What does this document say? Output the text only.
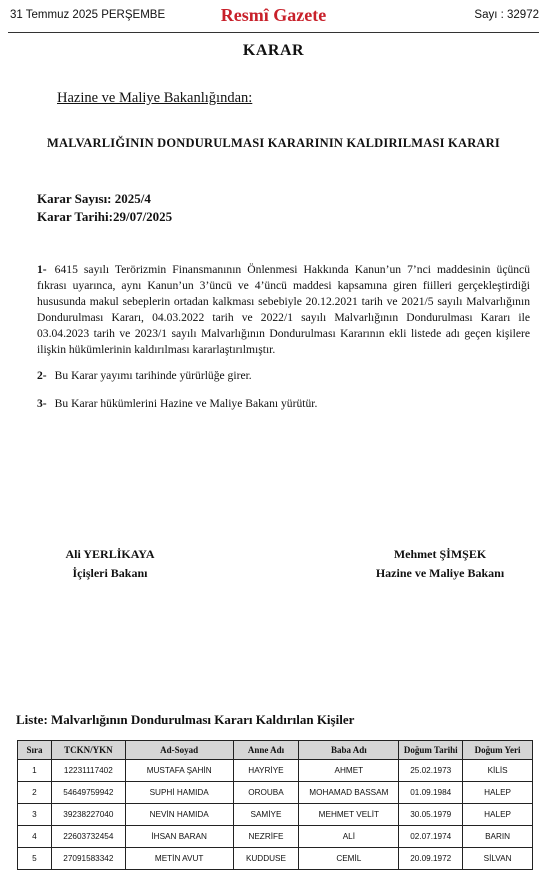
31 Temmuz 2025 PERŞEMBE	Resmî Gazete	Sayı : 32972
KARAR
Hazine ve Maliye Bakanlığından:
MALVARLIĞININ DONDURULMASI KARARININ KALDIRILMASI KARARI
Karar Sayısı: 2025/4
Karar Tarihi:29/07/2025
1- 6415 sayılı Terörizmin Finansmanının Önlenmesi Hakkında Kanun’un 7’nci maddesinin üçüncü fıkrası uyarınca, aynı Kanun’un 3’üncü ve 4’üncü maddesi kapsamına giren fiilleri gerçekleştirdiği hususunda makul sebeplerin ortadan kalkması sebebiyle 20.12.2021 tarih ve 2021/5 sayılı Malvarlığının Dondurulması Kararı, 04.03.2022 tarih ve 2022/1 sayılı Malvarlığının Dondurulması Kararı ile 03.04.2023 tarih ve 2023/1 sayılı Malvarlığının Dondurulması Kararının ekli listede adı geçen kişilere ilişkin hükümlerinin kaldırılması kararlaştırılmıştır.
2- Bu Karar yayımı tarihinde yürürlüğe girer.
3- Bu Karar hükümlerini Hazine ve Maliye Bakanı yürütür.
Ali YERLİKAYA
İçişleri Bakanı
Mehmet ŞİMŞEK
Hazine ve Maliye Bakanı
Liste: Malvarlığının Dondurulması Kararı Kaldırılan Kişiler
Sıra	TCKN/YKN	Ad-Soyad	Anne Adı	Baba Adı	Doğum Tarihi	Doğum Yeri
1	12231117402	MUSTAFA ŞAHİN	HAYRİYE	AHMET	25.02.1973	KİLİS
2	54649759942	SUPHİ HAMIDA	OROUBA	MOHAMAD BASSAM	01.09.1984	HALEP
3	39238227040	NEVİN HAMIDA	SAMİYE	MEHMET VELİT	30.05.1979	HALEP
4	22603732454	İHSAN BARAN	NEZRİFE	ALİ	02.07.1974	BARIN
5	27091583342	METİN AVUT	KUDDUSE	CEMİL	20.09.1972	SİLVAN
